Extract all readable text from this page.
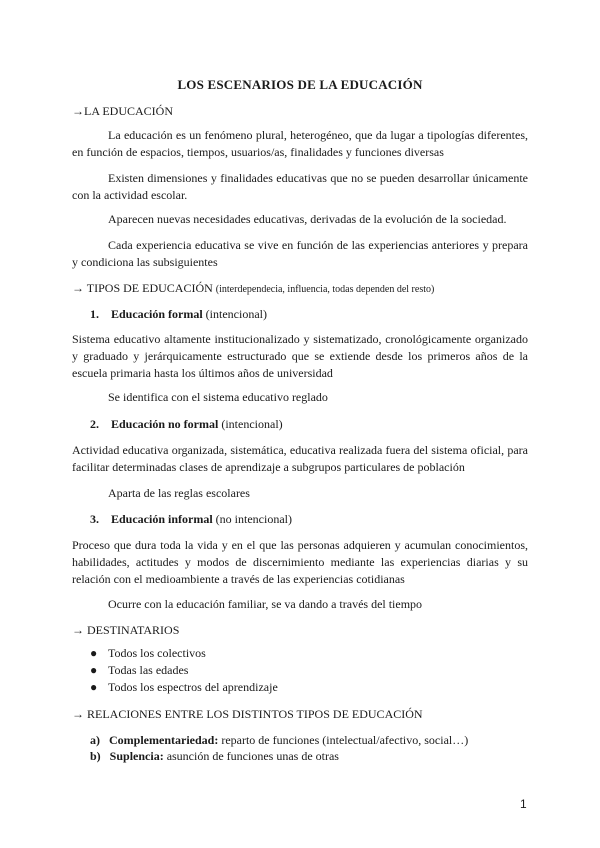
LOS ESCENARIOS DE LA EDUCACIÓN
→LA EDUCACIÓN
La educación es un fenómeno plural, heterogéneo, que da lugar a tipologías diferentes, en función de espacios, tiempos, usuarios/as, finalidades y funciones diversas
Existen dimensiones y finalidades educativas que no se pueden desarrollar únicamente con la actividad escolar.
Aparecen nuevas necesidades educativas, derivadas de la evolución de la sociedad.
Cada experiencia educativa se vive en función de las experiencias anteriores y prepara y condiciona las subsiguientes
→ TIPOS DE EDUCACIÓN (interdependecia, influencia, todas dependen del resto)
1. Educación formal (intencional)
Sistema educativo altamente institucionalizado y sistematizado, cronológicamente organizado y graduado y jerárquicamente estructurado que se extiende desde los primeros años de la escuela primaria hasta los últimos años de universidad
Se identifica con el sistema educativo reglado
2. Educación no formal (intencional)
Actividad educativa organizada, sistemática, educativa realizada fuera del sistema oficial, para facilitar determinadas clases de aprendizaje a subgrupos particulares de población
Aparta de las reglas escolares
3. Educación informal (no intencional)
Proceso que dura toda la vida y en el que las personas adquieren y acumulan conocimientos, habilidades, actitudes y modos de discernimiento mediante las experiencias diarias y su relación con el medioambiente a través de las experiencias cotidianas
Ocurre con la educación familiar, se va dando a través del tiempo
→ DESTINATARIOS
● Todos los colectivos
● Todas las edades
● Todos los espectros del aprendizaje
→ RELACIONES ENTRE LOS DISTINTOS TIPOS DE EDUCACIÓN
a) Complementariedad: reparto de funciones (intelectual/afectivo, social…)
b) Suplencia: asunción de funciones unas de otras
1
